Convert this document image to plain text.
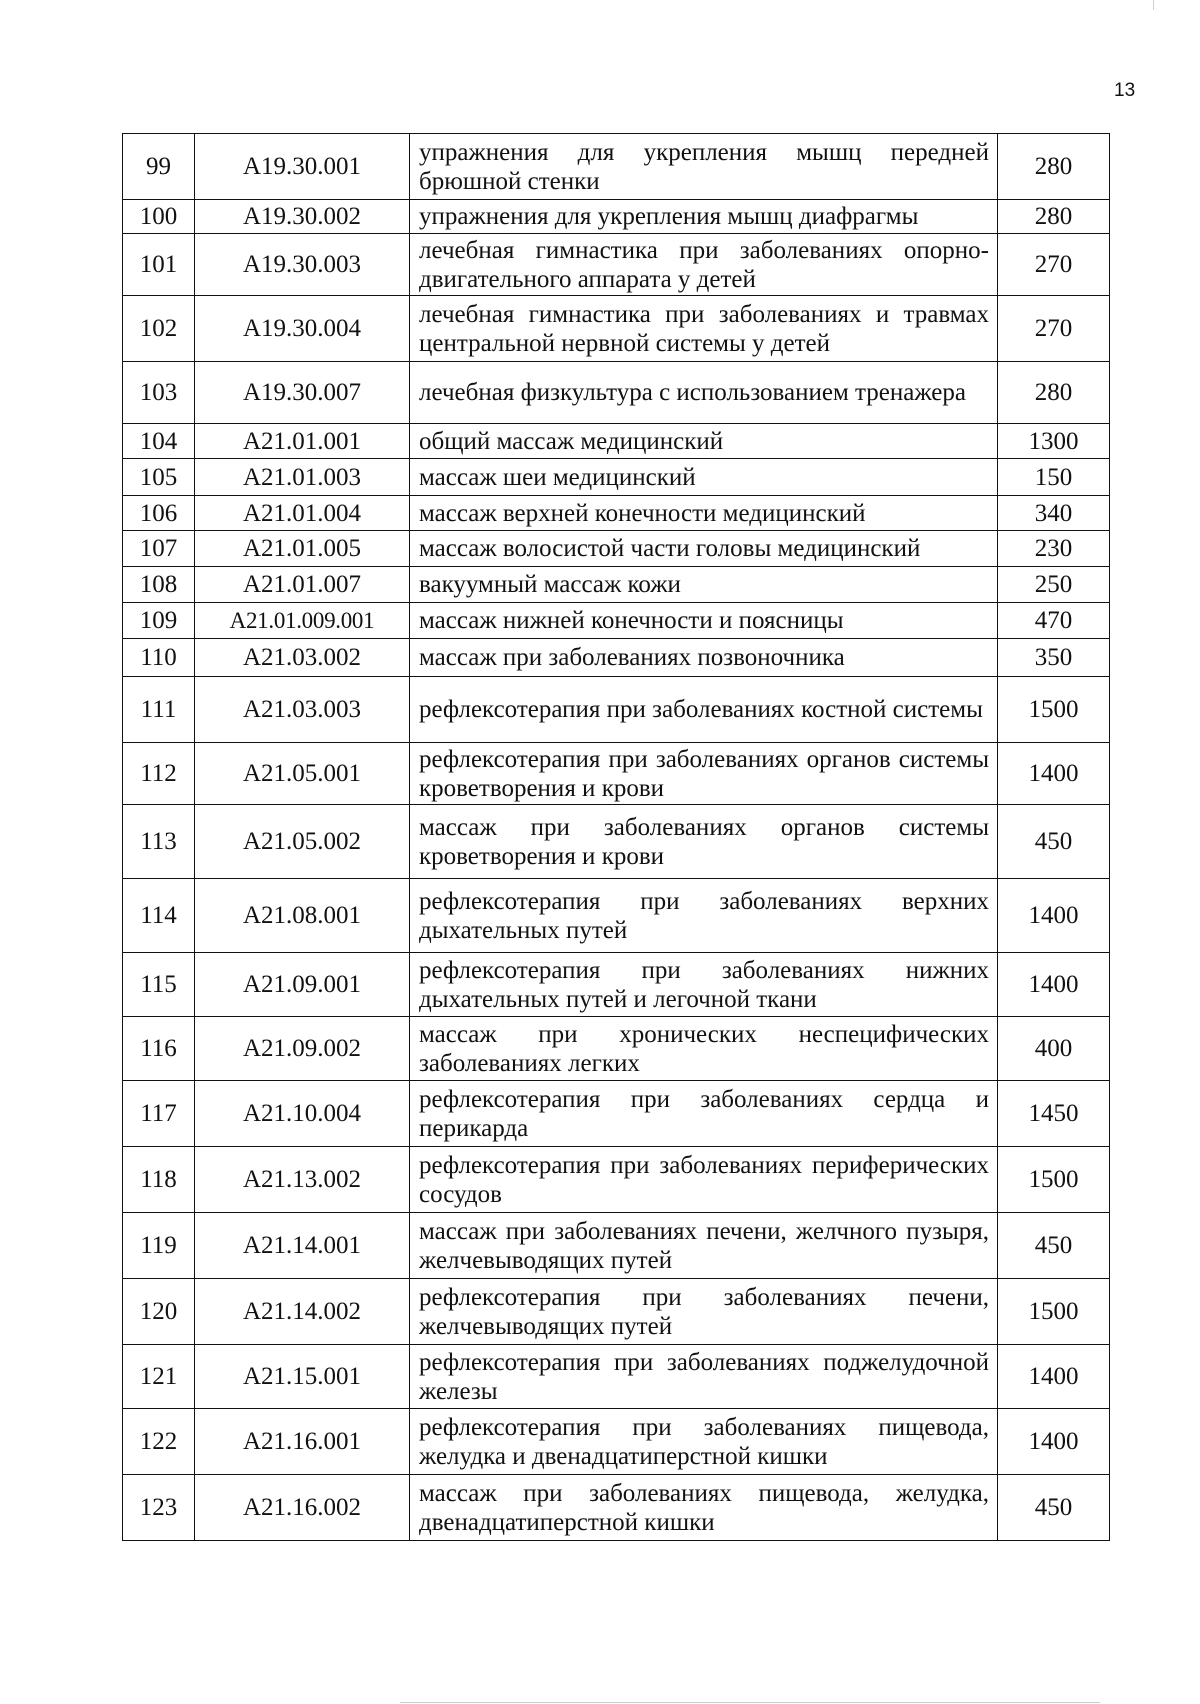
13
99	A19.30.001	упражнения для укрепления мышц передней брюшной стенки	280
100	A19.30.002	упражнения для укрепления мышц диафрагмы	280
101	A19.30.003	лечебная гимнастика при заболеваниях опорно-двигательного аппарата у детей	270
102	A19.30.004	лечебная гимнастика при заболеваниях и травмах центральной нервной системы у детей	270
103	A19.30.007	лечебная физкультура с использованием тренажера	280
104	A21.01.001	общий массаж медицинский	1300
105	A21.01.003	массаж шеи медицинский	150
106	A21.01.004	массаж верхней конечности медицинский	340
107	A21.01.005	массаж волосистой части головы медицинский	230
108	A21.01.007	вакуумный массаж кожи	250
109	A21.01.009.001	массаж нижней конечности и поясницы	470
110	A21.03.002	массаж при заболеваниях позвоночника	350
111	A21.03.003	рефлексотерапия при заболеваниях костной системы	1500
112	A21.05.001	рефлексотерапия при заболеваниях органов системы кроветворения и крови	1400
113	A21.05.002	массаж при заболеваниях органов системы кроветворения и крови	450
114	A21.08.001	рефлексотерапия при заболеваниях верхних дыхательных путей	1400
115	A21.09.001	рефлексотерапия при заболеваниях нижних дыхательных путей и легочной ткани	1400
116	A21.09.002	массаж при хронических неспецифических заболеваниях легких	400
117	A21.10.004	рефлексотерапия при заболеваниях сердца и перикарда	1450
118	A21.13.002	рефлексотерапия при заболеваниях периферических сосудов	1500
119	A21.14.001	массаж при заболеваниях печени, желчного пузыря, желчевыводящих путей	450
120	A21.14.002	рефлексотерапия при заболеваниях печени, желчевыводящих путей	1500
121	A21.15.001	рефлексотерапия при заболеваниях поджелудочной железы	1400
122	A21.16.001	рефлексотерапия при заболеваниях пищевода, желудка и двенадцатиперстной кишки	1400
123	A21.16.002	массаж при заболеваниях пищевода, желудка, двенадцатиперстной кишки	450
